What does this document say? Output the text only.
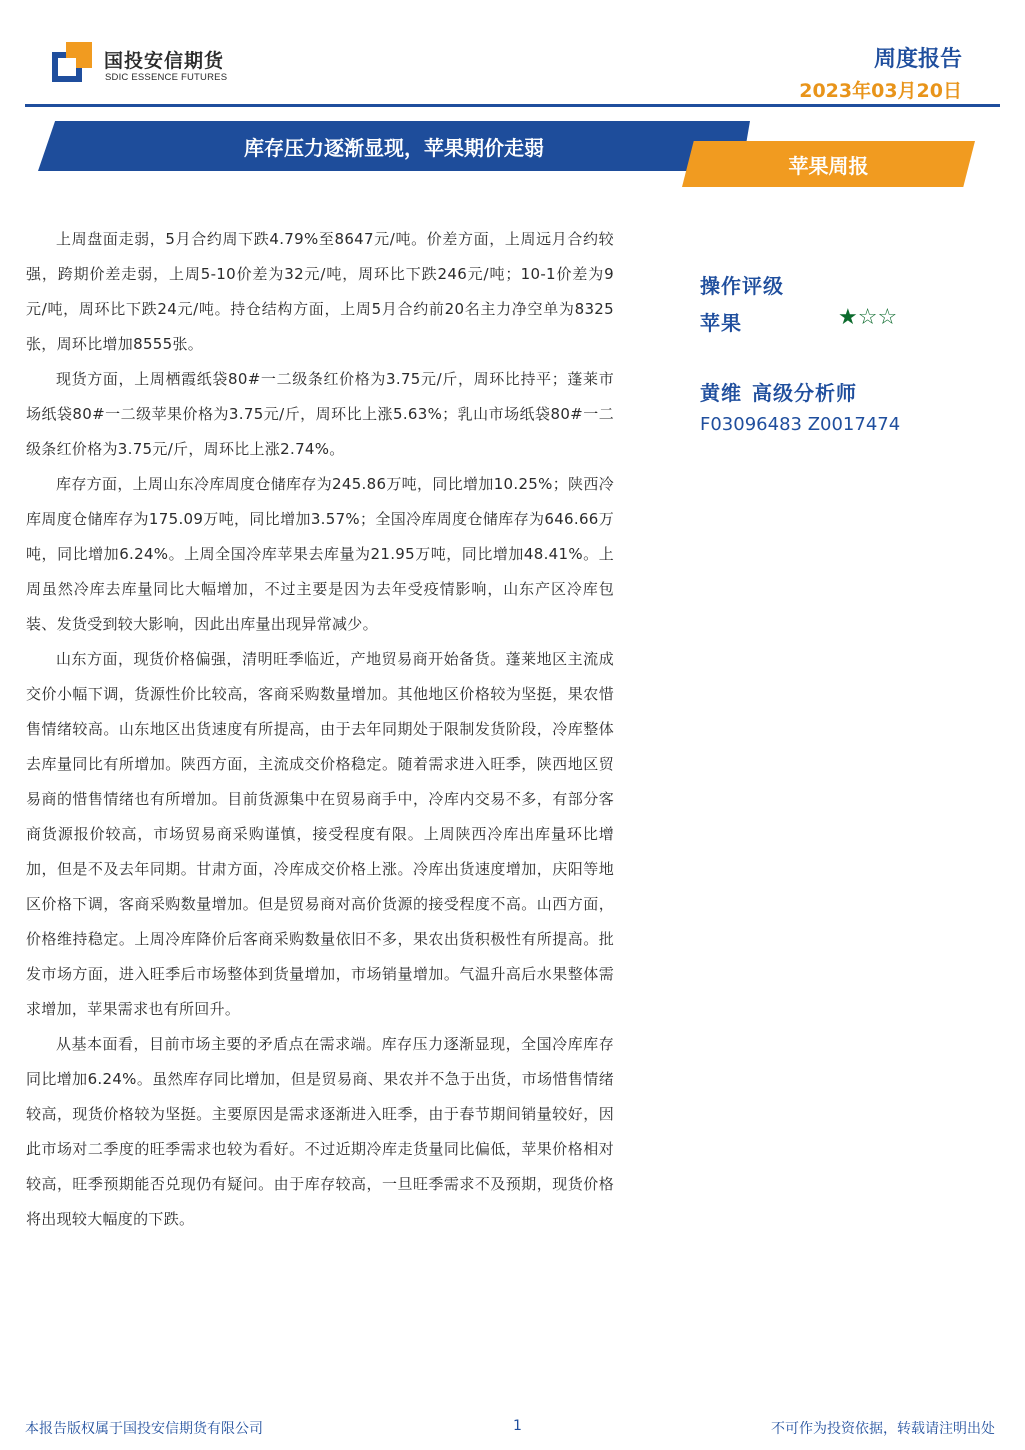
国投安信期货
SDIC ESSENCE FUTURES
周度报告
2023年03月20日
库存压力逐渐显现，苹果期价走弱
苹果周报

上周盘面走弱，5月合约周下跌4.79%至8647元/吨。价差方面，上周远月合约较强，跨期价差走弱，上周5-10价差为32元/吨，周环比下跌246元/吨；10-1价差为9元/吨，周环比下跌24元/吨。持仓结构方面，上周5月合约前20名主力净空单为8325张，周环比增加8555张。

现货方面，上周栖霞纸袋80#一二级条红价格为3.75元/斤，周环比持平；蓬莱市场纸袋80#一二级苹果价格为3.75元/斤，周环比上涨5.63%；乳山市场纸袋80#一二级条红价格为3.75元/斤，周环比上涨2.74%。

库存方面，上周山东冷库周度仓储库存为245.86万吨，同比增加10.25%；陕西冷库周度仓储库存为175.09万吨，同比增加3.57%；全国冷库周度仓储库存为646.66万吨，同比增加6.24%。上周全国冷库苹果去库量为21.95万吨，同比增加48.41%。上周虽然冷库去库量同比大幅增加，不过主要是因为去年受疫情影响，山东产区冷库包装、发货受到较大影响，因此出库量出现异常减少。

山东方面，现货价格偏强，清明旺季临近，产地贸易商开始备货。蓬莱地区主流成交价小幅下调，货源性价比较高，客商采购数量增加。其他地区价格较为坚挺，果农惜售情绪较高。山东地区出货速度有所提高，由于去年同期处于限制发货阶段，冷库整体去库量同比有所增加。陕西方面，主流成交价格稳定。随着需求进入旺季，陕西地区贸易商的惜售情绪也有所增加。目前货源集中在贸易商手中，冷库内交易不多，有部分客商货源报价较高，市场贸易商采购谨慎，接受程度有限。上周陕西冷库出库量环比增加，但是不及去年同期。甘肃方面，冷库成交价格上涨。冷库出货速度增加，庆阳等地区价格下调，客商采购数量增加。但是贸易商对高价货源的接受程度不高。山西方面，价格维持稳定。上周冷库降价后客商采购数量依旧不多，果农出货积极性有所提高。批发市场方面，进入旺季后市场整体到货量增加，市场销量增加。气温升高后水果整体需求增加，苹果需求也有所回升。

从基本面看，目前市场主要的矛盾点在需求端。库存压力逐渐显现，全国冷库库存同比增加6.24%。虽然库存同比增加，但是贸易商、果农并不急于出货，市场惜售情绪较高，现货价格较为坚挺。主要原因是需求逐渐进入旺季，由于春节期间销量较好，因此市场对二季度的旺季需求也较为看好。不过近期冷库走货量同比偏低，苹果价格相对较高，旺季预期能否兑现仍有疑问。由于库存较高，一旦旺季需求不及预期，现货价格将出现较大幅度的下跌。

操作评级
苹果	★☆☆
黄维 高级分析师
F03096483 Z0017474
本报告版权属于国投安信期货有限公司	1	不可作为投资依据，转载请注明出处
